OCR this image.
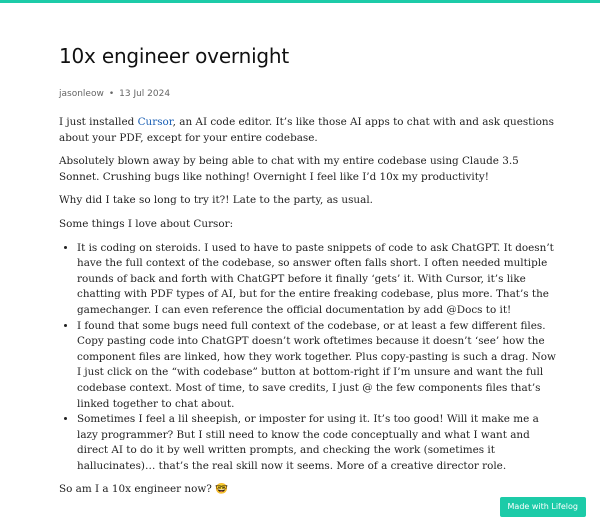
10x engineer overnight
jasonleow • 13 Jul 2024

I just installed Cursor, an AI code editor. It’s like those AI apps to chat with and ask questions about your PDF, except for your entire codebase.

Absolutely blown away by being able to chat with my entire codebase using Claude 3.5 Sonnet. Crushing bugs like nothing! Overnight I feel like I’d 10x my productivity!

Why did I take so long to try it?! Late to the party, as usual.

Some things I love about Cursor:

• It is coding on steroids. I used to have to paste snippets of code to ask ChatGPT. It doesn’t have the full context of the codebase, so answer often falls short. I often needed multiple rounds of back and forth with ChatGPT before it finally ‘gets’ it. With Cursor, it’s like chatting with PDF types of AI, but for the entire freaking codebase, plus more. That’s the gamechanger. I can even reference the official documentation by add @Docs to it!
• I found that some bugs need full context of the codebase, or at least a few different files. Copy pasting code into ChatGPT doesn’t work oftetimes because it doesn’t ‘see’ how the component files are linked, how they work together. Plus copy-pasting is such a drag. Now I just click on the “with codebase” button at bottom-right if I’m unsure and want the full codebase context. Most of time, to save credits, I just @ the few components files that’s linked together to chat about.
• Sometimes I feel a lil sheepish, or imposter for using it. It’s too good! Will it make me a lazy programmer? But I still need to know the code conceptually and what I want and direct AI to do it by well written prompts, and checking the work (sometimes it hallucinates)… that’s the real skill now it seems. More of a creative director role.

So am I a 10x engineer now? 🤓

Made with Lifelog
